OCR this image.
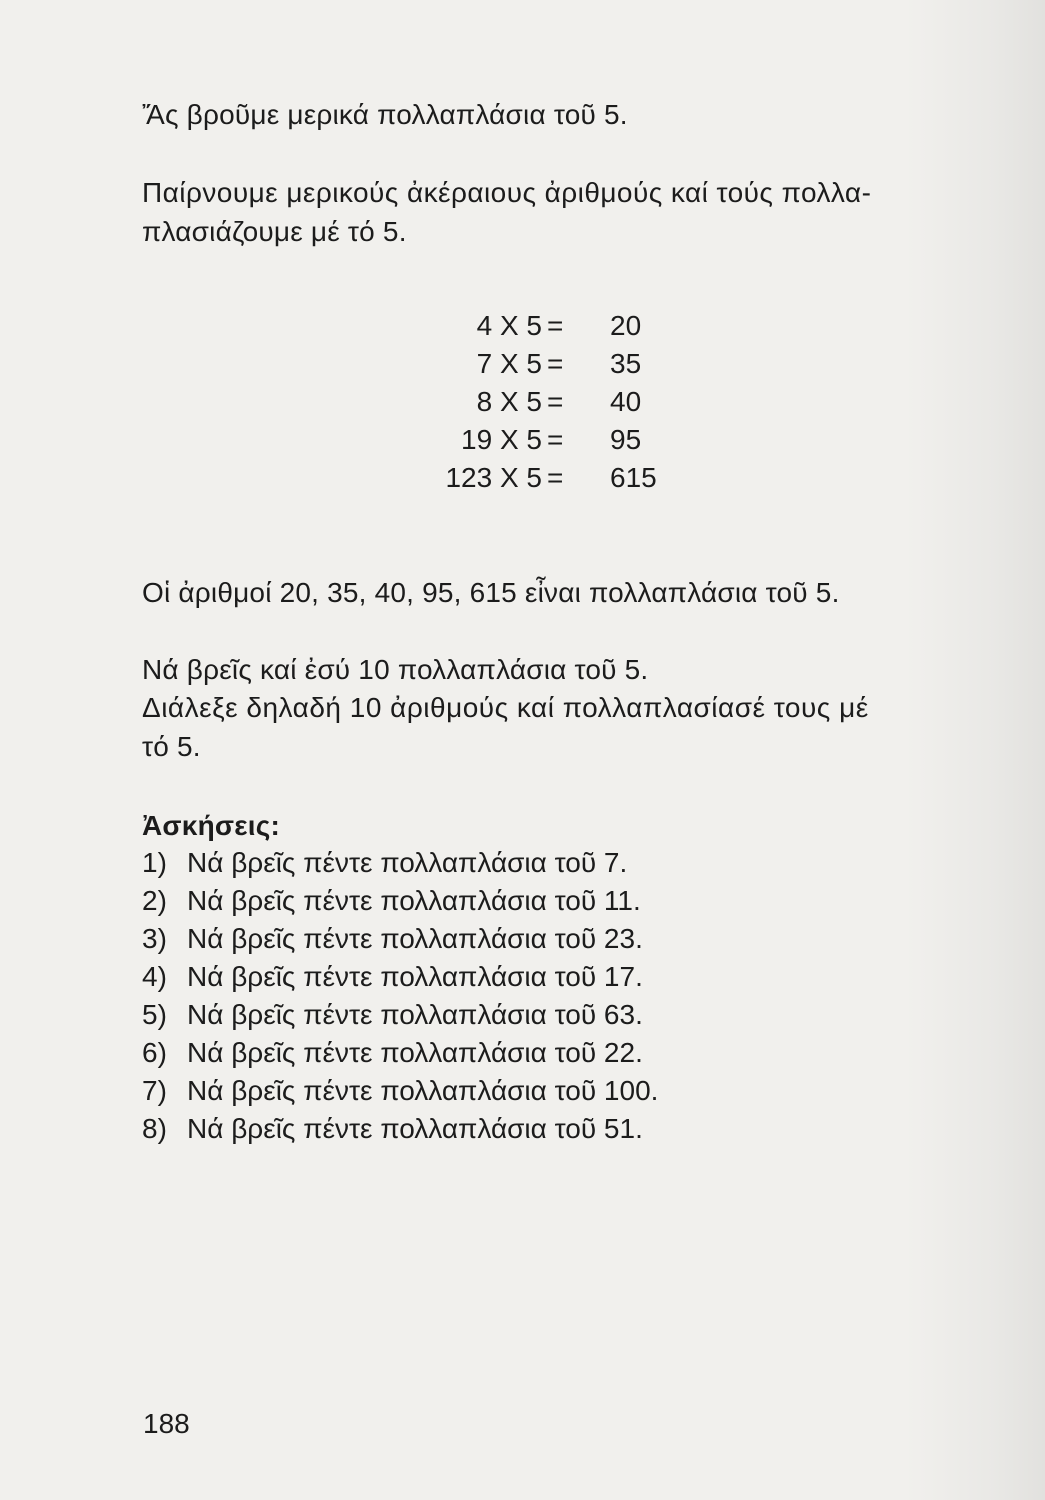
Ἄς βροῦμε μερικά πολλαπλάσια τοῦ 5.
Παίρνουμε μερικούς ἀκέραιους ἀριθμούς καί τούς πολλα-
πλασιάζουμε μέ τό 5.
4 X 5 = 20
7 X 5 = 35
8 X 5 = 40
19 X 5 = 95
123 X 5 = 615
Οἱ ἀριθμοί 20, 35, 40, 95, 615 εἶναι πολλαπλάσια τοῦ 5.
Νά βρεῖς καί ἐσύ 10 πολλαπλάσια τοῦ 5.
Διάλεξε δηλαδή 10 ἀριθμούς καί πολλαπλασίασέ τους μέ
τό 5.
Ἀσκήσεις:
1) Νά βρεῖς πέντε πολλαπλάσια τοῦ 7.
2) Νά βρεῖς πέντε πολλαπλάσια τοῦ 11.
3) Νά βρεῖς πέντε πολλαπλάσια τοῦ 23.
4) Νά βρεῖς πέντε πολλαπλάσια τοῦ 17.
5) Νά βρεῖς πέντε πολλαπλάσια τοῦ 63.
6) Νά βρεῖς πέντε πολλαπλάσια τοῦ 22.
7) Νά βρεῖς πέντε πολλαπλάσια τοῦ 100.
8) Νά βρεῖς πέντε πολλαπλάσια τοῦ 51.
188
